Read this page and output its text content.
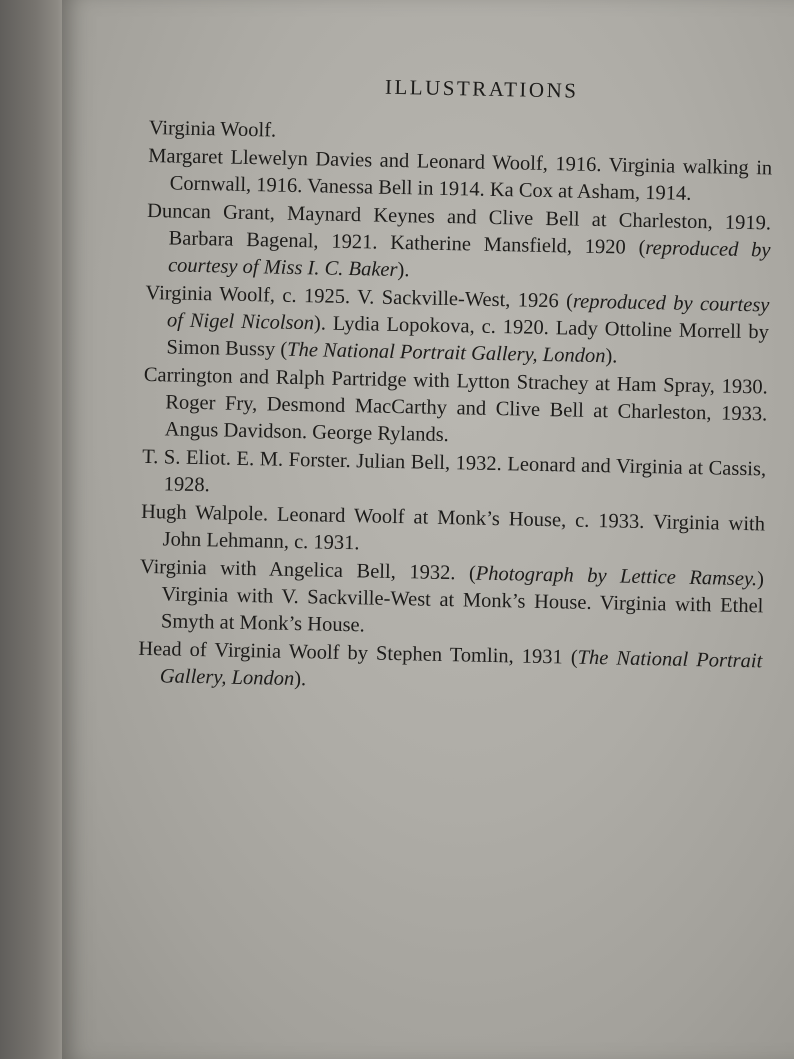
ILLUSTRATIONS
Virginia Woolf.
Margaret Llewelyn Davies and Leonard Woolf, 1916. Virginia walking in Cornwall, 1916. Vanessa Bell in 1914. Ka Cox at Asham, 1914.
Duncan Grant, Maynard Keynes and Clive Bell at Charleston, 1919. Barbara Bagenal, 1921. Katherine Mansfield, 1920 (reproduced by courtesy of Miss I. C. Baker).
Virginia Woolf, c. 1925. V. Sackville-West, 1926 (reproduced by courtesy of Nigel Nicolson). Lydia Lopokova, c. 1920. Lady Ottoline Morrell by Simon Bussy (The National Portrait Gallery, London).
Carrington and Ralph Partridge with Lytton Strachey at Ham Spray, 1930. Roger Fry, Desmond MacCarthy and Clive Bell at Charleston, 1933. Angus Davidson. George Rylands.
T. S. Eliot. E. M. Forster. Julian Bell, 1932. Leonard and Virginia at Cassis, 1928.
Hugh Walpole. Leonard Woolf at Monk’s House, c. 1933. Virginia with John Lehmann, c. 1931.
Virginia with Angelica Bell, 1932. (Photograph by Lettice Ramsey.) Virginia with V. Sackville-West at Monk’s House. Virginia with Ethel Smyth at Monk’s House.
Head of Virginia Woolf by Stephen Tomlin, 1931 (The National Portrait Gallery, London).
